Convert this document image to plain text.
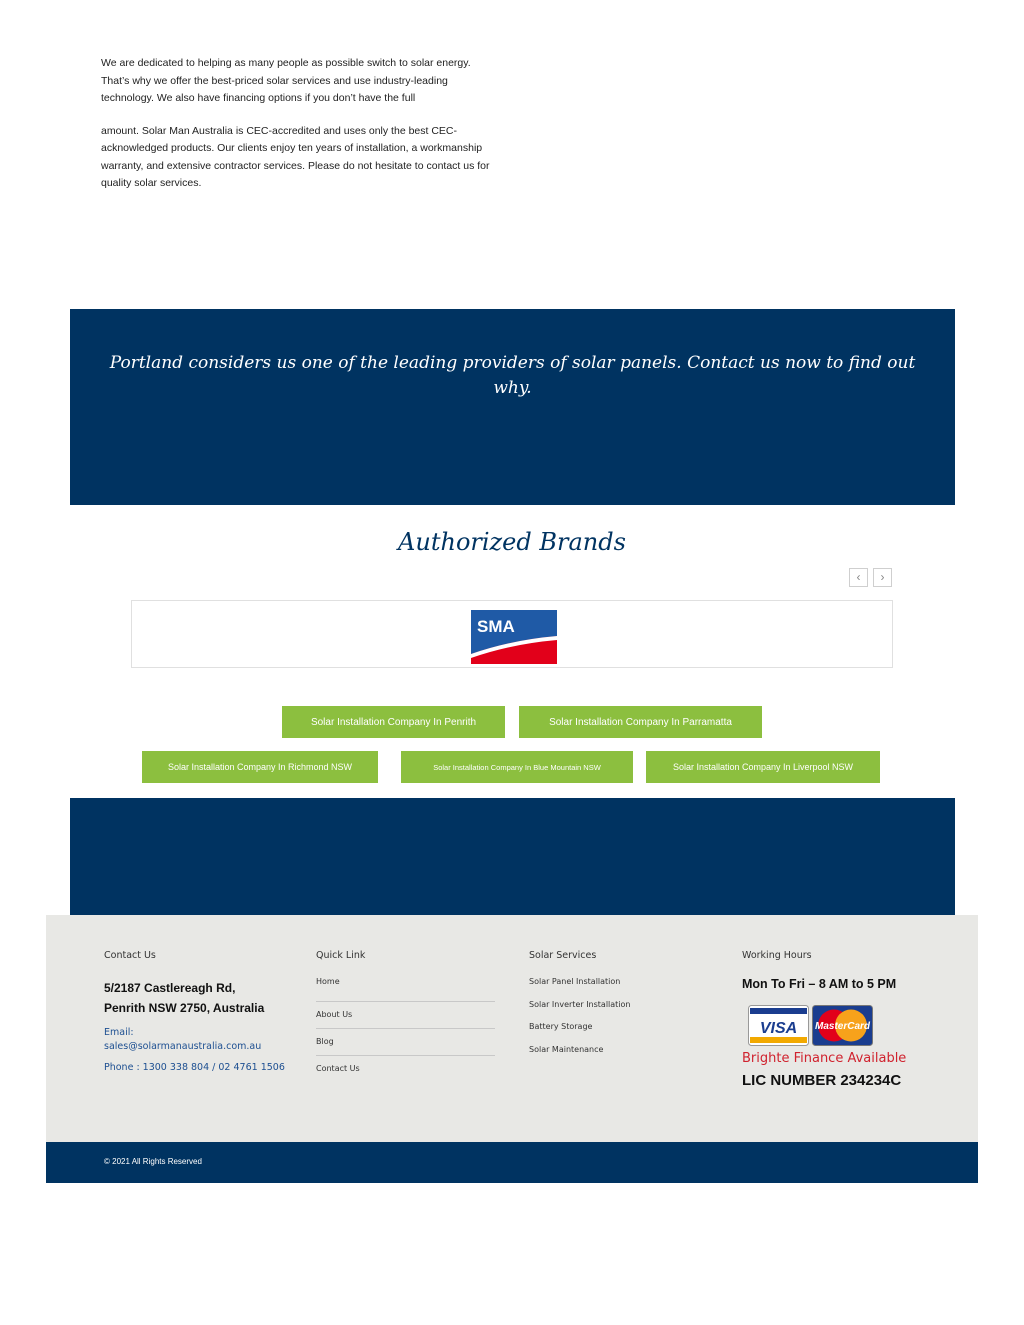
We are dedicated to helping as many people as possible switch to solar energy. That’s why we offer the best-priced solar services and use industry-leading technology. We also have financing options if you don’t have the full

amount. Solar Man Australia is CEC-accredited and uses only the best CEC-acknowledged products. Our clients enjoy ten years of installation, a workmanship warranty, and extensive contractor services. Please do not hesitate to contact us for quality solar services.

Portland considers us one of the leading providers of solar panels. Contact us now to find out why.
Authorized Brands
‹	›
SMA
Solar Installation Company In Penrith	Solar Installation Company In Parramatta
Solar Installation Company In Richmond NSW	Solar Installation Company In Blue Mountain NSW	Solar Installation Company In Liverpool NSW
Contact Us
5/2187 Castlereagh Rd,
Penrith NSW 2750, Australia
Email:
sales@solarmanaustralia.com.au
Phone : 1300 338 804 / 02 4761 1506
Quick Link
Home
About Us
Blog
Contact Us
Solar Services
Solar Panel Installation
Solar Inverter Installation
Battery Storage
Solar Maintenance
Working Hours
Mon To Fri – 8 AM to 5 PM
VISA MasterCard
Brighte Finance Available
LIC NUMBER 234234C
© 2021 All Rights Reserved
